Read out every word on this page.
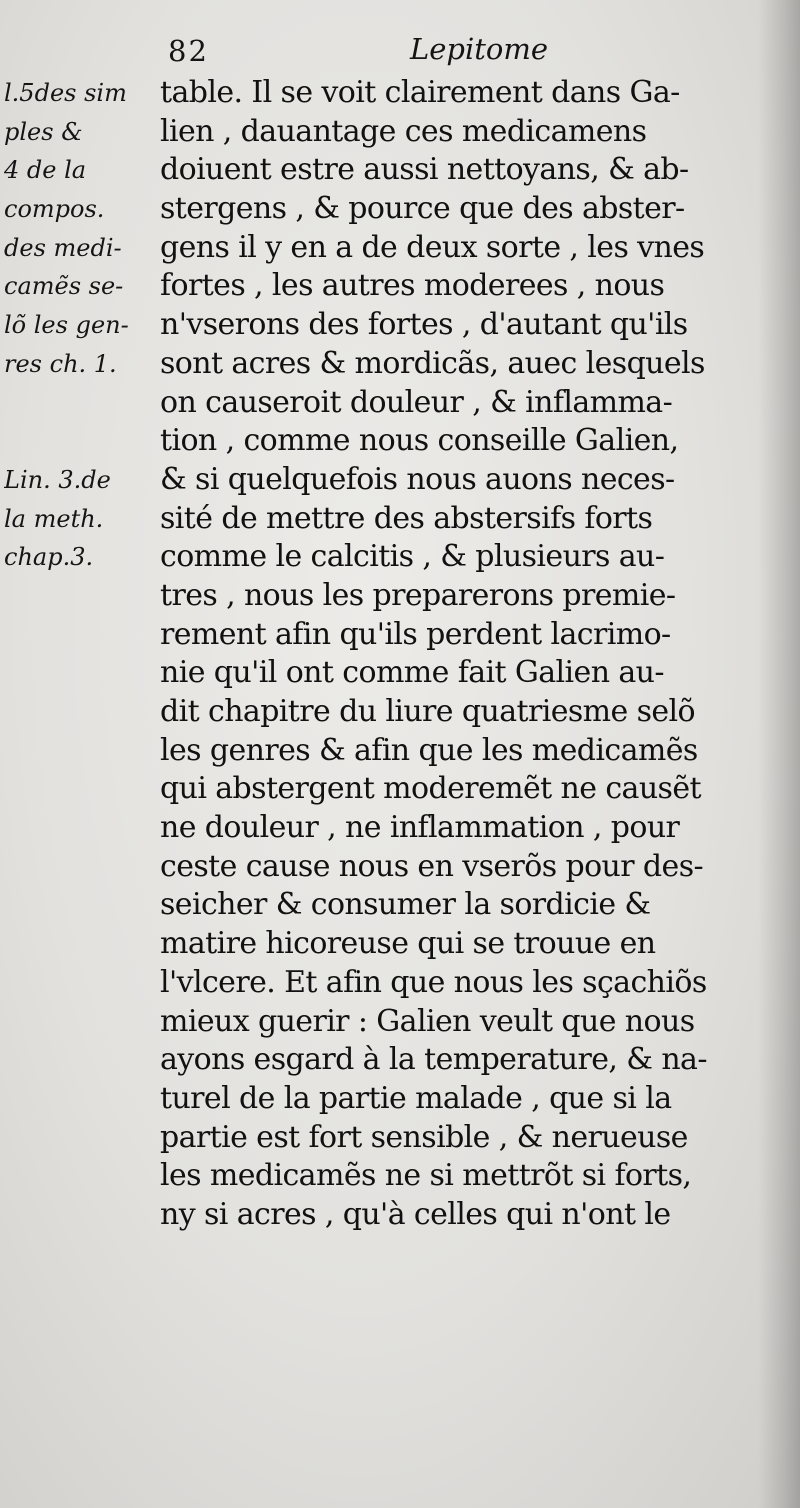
82	Lepitome
l.5des sim
ples &
4 de la
compos.
des medi-
camẽs se-
lõ les gen-
res ch. 1.
Lin. 3.de
la meth.
chap.3.
table. Il se voit clairement dans Ga-
lien , dauantage ces medicamens
doiuent estre aussi nettoyans, & ab-
stergens , & pource que des abster-
gens il y en a de deux sorte , les vnes
fortes , les autres moderees , nous
n'vserons des fortes , d'autant qu'ils
sont acres & mordicãs, auec lesquels
on causeroit douleur , & inflamma-
tion , comme nous conseille Galien,
& si quelquefois nous auons neces-
sité de mettre des abstersifs forts
comme le calcitis , & plusieurs au-
tres , nous les preparerons premie-
rement afin qu'ils perdent lacrimo-
nie qu'il ont comme fait Galien au-
dit chapitre du liure quatriesme selõ
les genres & afin que les medicamẽs
qui abstergent moderemẽt ne causẽt
ne douleur , ne inflammation , pour
ceste cause nous en vserõs pour des-
seicher & consumer la sordicie &
matire hicoreuse qui se trouue en
l'vlcere. Et afin que nous les sçachiõs
mieux guerir : Galien veult que nous
ayons esgard à la temperature, & na-
turel de la partie malade , que si la
partie est fort sensible , & nerueuse
les medicamẽs ne si mettrõt si forts,
ny si acres , qu'à celles qui n'ont le
